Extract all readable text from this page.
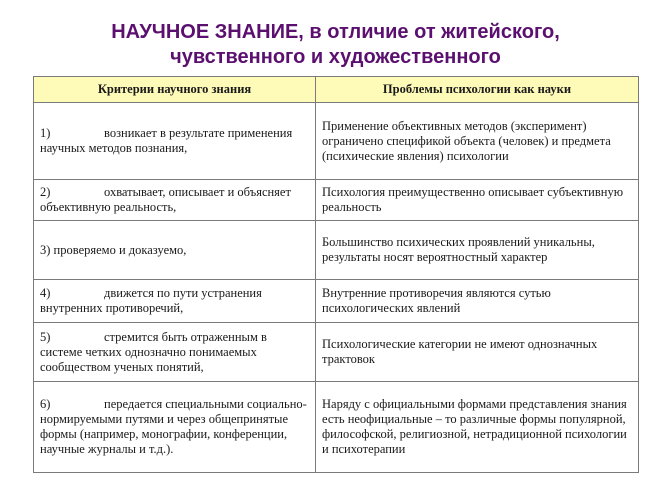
НАУЧНОЕ ЗНАНИЕ, в отличие от житейского,
чувственного и художественного
Критерии научного знания	Проблемы психологии как науки
1) возникает в результате применения научных методов познания,	Применение объективных методов (эксперимент) ограничено спецификой объекта (человек) и предмета (психические явления) психологии
2) охватывает, описывает и объясняет объективную реальность,	Психология преимущественно описывает субъективную реальность
3) проверяемо и доказуемо,	Большинство психических проявлений уникальны, результаты носят вероятностный характер
4) движется по пути устранения внутренних противоречий,	Внутренние противоречия являются сутью психологических явлений
5) стремится быть отраженным в системе четких однозначно понимаемых сообществом ученых понятий,	Психологические категории не имеют однозначных трактовок
6) передается специальными социально-нормируемыми путями и через общепринятые формы (например, монографии, конференции, научные журналы и т.д.).	Наряду с официальными формами представления знания есть неофициальные – то различные формы популярной, философской, религиозной, нетрадиционной психологии и психотерапии
